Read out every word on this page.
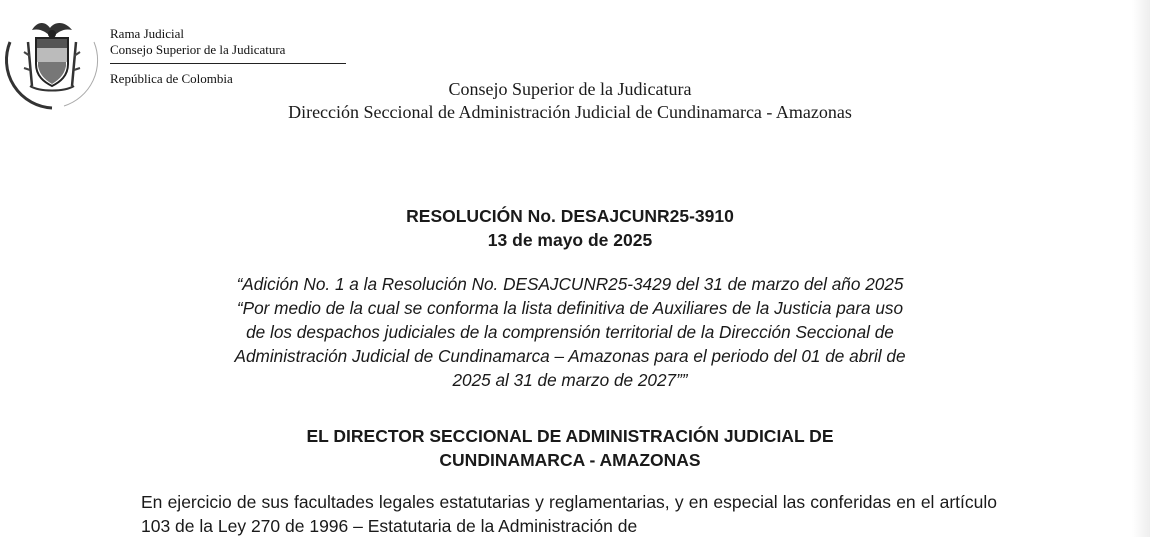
Rama Judicial
Consejo Superior de la Judicatura
República de Colombia
Consejo Superior de la Judicatura
Dirección Seccional de Administración Judicial de Cundinamarca - Amazonas
RESOLUCIÓN No. DESAJCUNR25-3910
13 de mayo de 2025
“Adición No. 1 a la Resolución No. DESAJCUNR25-3429 del 31 de marzo del año 2025
“Por medio de la cual se conforma la lista definitiva de Auxiliares de la Justicia para uso
de los despachos judiciales de la comprensión territorial de la Dirección Seccional de
Administración Judicial de Cundinamarca – Amazonas para el periodo del 01 de abril de
2025 al 31 de marzo de 2027””
EL DIRECTOR SECCIONAL DE ADMINISTRACIÓN JUDICIAL DE
CUNDINAMARCA - AMAZONAS
En ejercicio de sus facultades legales estatutarias y reglamentarias, y en especial las conferidas en el artículo 103 de la Ley 270 de 1996 – Estatutaria de la Administración de
